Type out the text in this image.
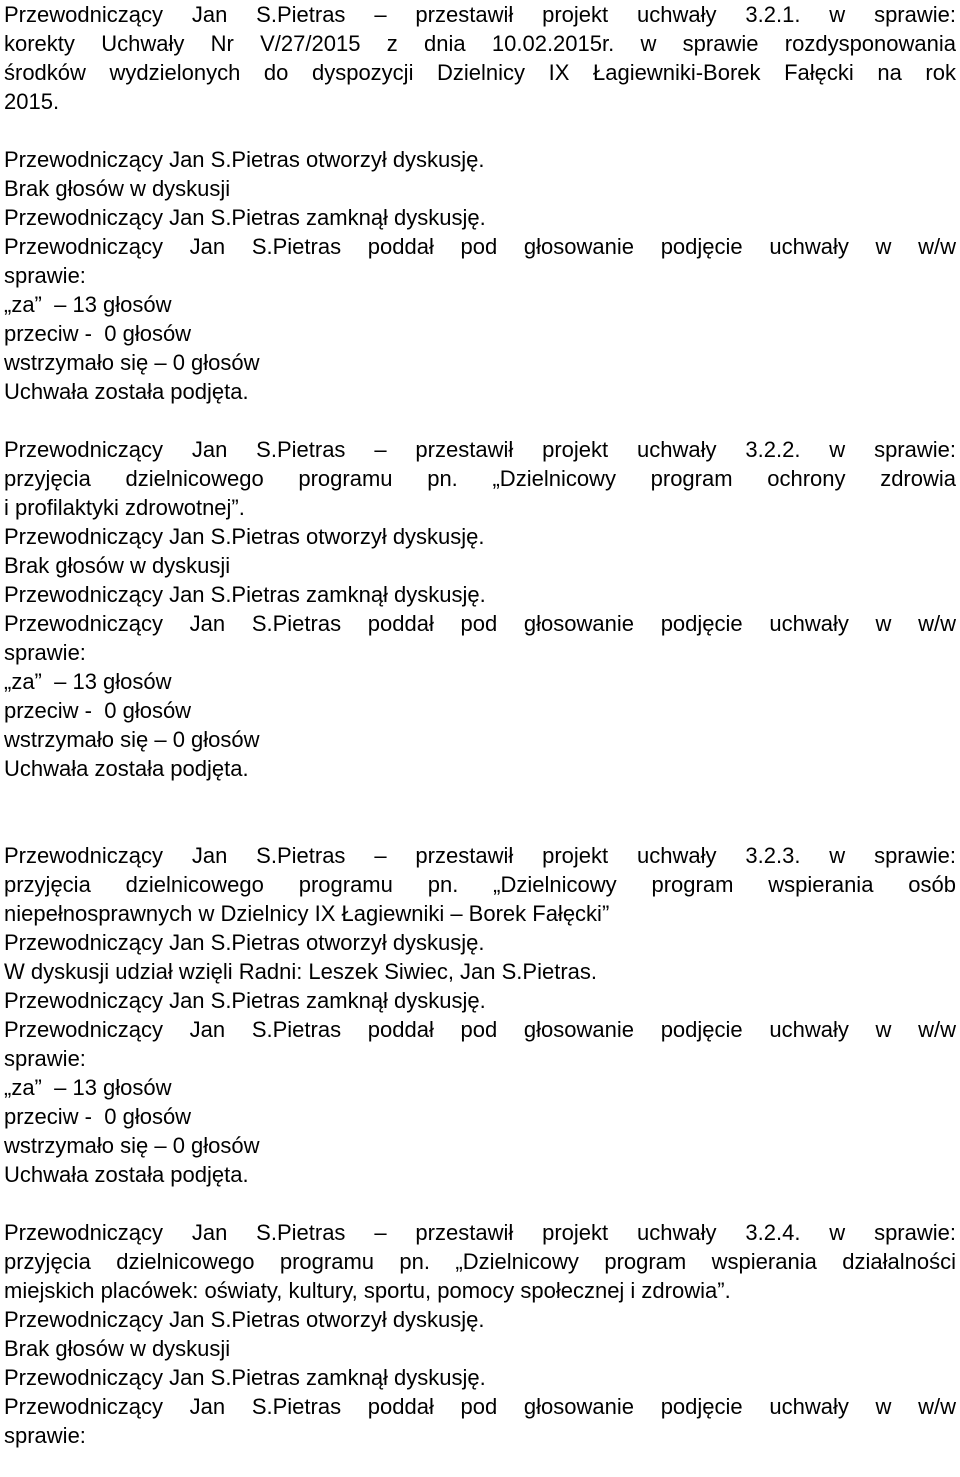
Przewodniczący Jan S.Pietras – przestawił projekt uchwały 3.2.1. w sprawie:
korekty Uchwały Nr V/27/2015 z dnia 10.02.2015r. w sprawie rozdysponowania
środków wydzielonych do dyspozycji Dzielnicy IX Łagiewniki-Borek Fałęcki na rok
2015.
Przewodniczący Jan S.Pietras otworzył dyskusję.
Brak głosów w dyskusji
Przewodniczący Jan S.Pietras zamknął dyskusję.
Przewodniczący Jan S.Pietras poddał pod głosowanie podjęcie uchwały w w/w
sprawie:
„za”  – 13 głosów
przeciw -  0 głosów
wstrzymało się – 0 głosów
Uchwała została podjęta.
Przewodniczący Jan S.Pietras – przestawił projekt uchwały 3.2.2. w sprawie:
przyjęcia dzielnicowego programu pn. „Dzielnicowy program ochrony zdrowia
i profilaktyki zdrowotnej”.
Przewodniczący Jan S.Pietras otworzył dyskusję.
Brak głosów w dyskusji
Przewodniczący Jan S.Pietras zamknął dyskusję.
Przewodniczący Jan S.Pietras poddał pod głosowanie podjęcie uchwały w w/w
sprawie:
„za”  – 13 głosów
przeciw -  0 głosów
wstrzymało się – 0 głosów
Uchwała została podjęta.
Przewodniczący Jan S.Pietras – przestawił projekt uchwały 3.2.3. w sprawie:
przyjęcia dzielnicowego programu pn. „Dzielnicowy program wspierania osób
niepełnosprawnych w Dzielnicy IX Łagiewniki – Borek Fałęcki”
Przewodniczący Jan S.Pietras otworzył dyskusję.
W dyskusji udział wzięli Radni: Leszek Siwiec, Jan S.Pietras.
Przewodniczący Jan S.Pietras zamknął dyskusję.
Przewodniczący Jan S.Pietras poddał pod głosowanie podjęcie uchwały w w/w
sprawie:
„za”  – 13 głosów
przeciw -  0 głosów
wstrzymało się – 0 głosów
Uchwała została podjęta.
Przewodniczący Jan S.Pietras – przestawił projekt uchwały 3.2.4. w sprawie:
przyjęcia dzielnicowego programu pn. „Dzielnicowy program wspierania działalności
miejskich placówek: oświaty, kultury, sportu, pomocy społecznej i zdrowia”.
Przewodniczący Jan S.Pietras otworzył dyskusję.
Brak głosów w dyskusji
Przewodniczący Jan S.Pietras zamknął dyskusję.
Przewodniczący Jan S.Pietras poddał pod głosowanie podjęcie uchwały w w/w
sprawie:
